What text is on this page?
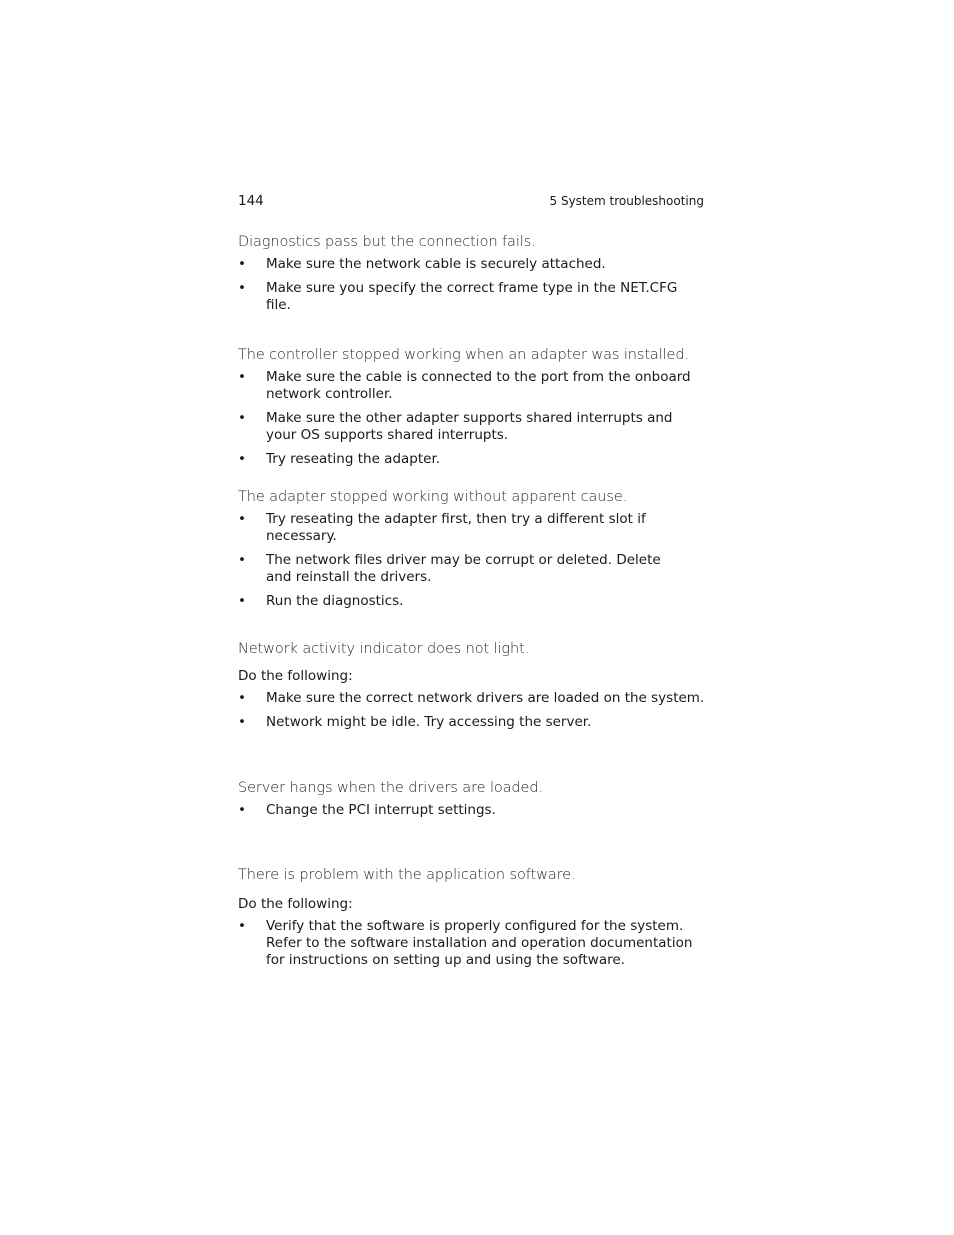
144	5 System troubleshooting
Diagnostics pass but the connection fails.
• Make sure the network cable is securely attached.
• Make sure you specify the correct frame type in the NET.CFG file.
The controller stopped working when an adapter was installed.
• Make sure the cable is connected to the port from the onboard network controller.
• Make sure the other adapter supports shared interrupts and your OS supports shared interrupts.
• Try reseating the adapter.
The adapter stopped working without apparent cause.
• Try reseating the adapter first, then try a different slot if necessary.
• The network files driver may be corrupt or deleted. Delete and reinstall the drivers.
• Run the diagnostics.
Network activity indicator does not light.
Do the following:
• Make sure the correct network drivers are loaded on the system.
• Network might be idle. Try accessing the server.
Server hangs when the drivers are loaded.
• Change the PCI interrupt settings.
There is problem with the application software.
Do the following:
• Verify that the software is properly configured for the system. Refer to the software installation and operation documentation for instructions on setting up and using the software.
